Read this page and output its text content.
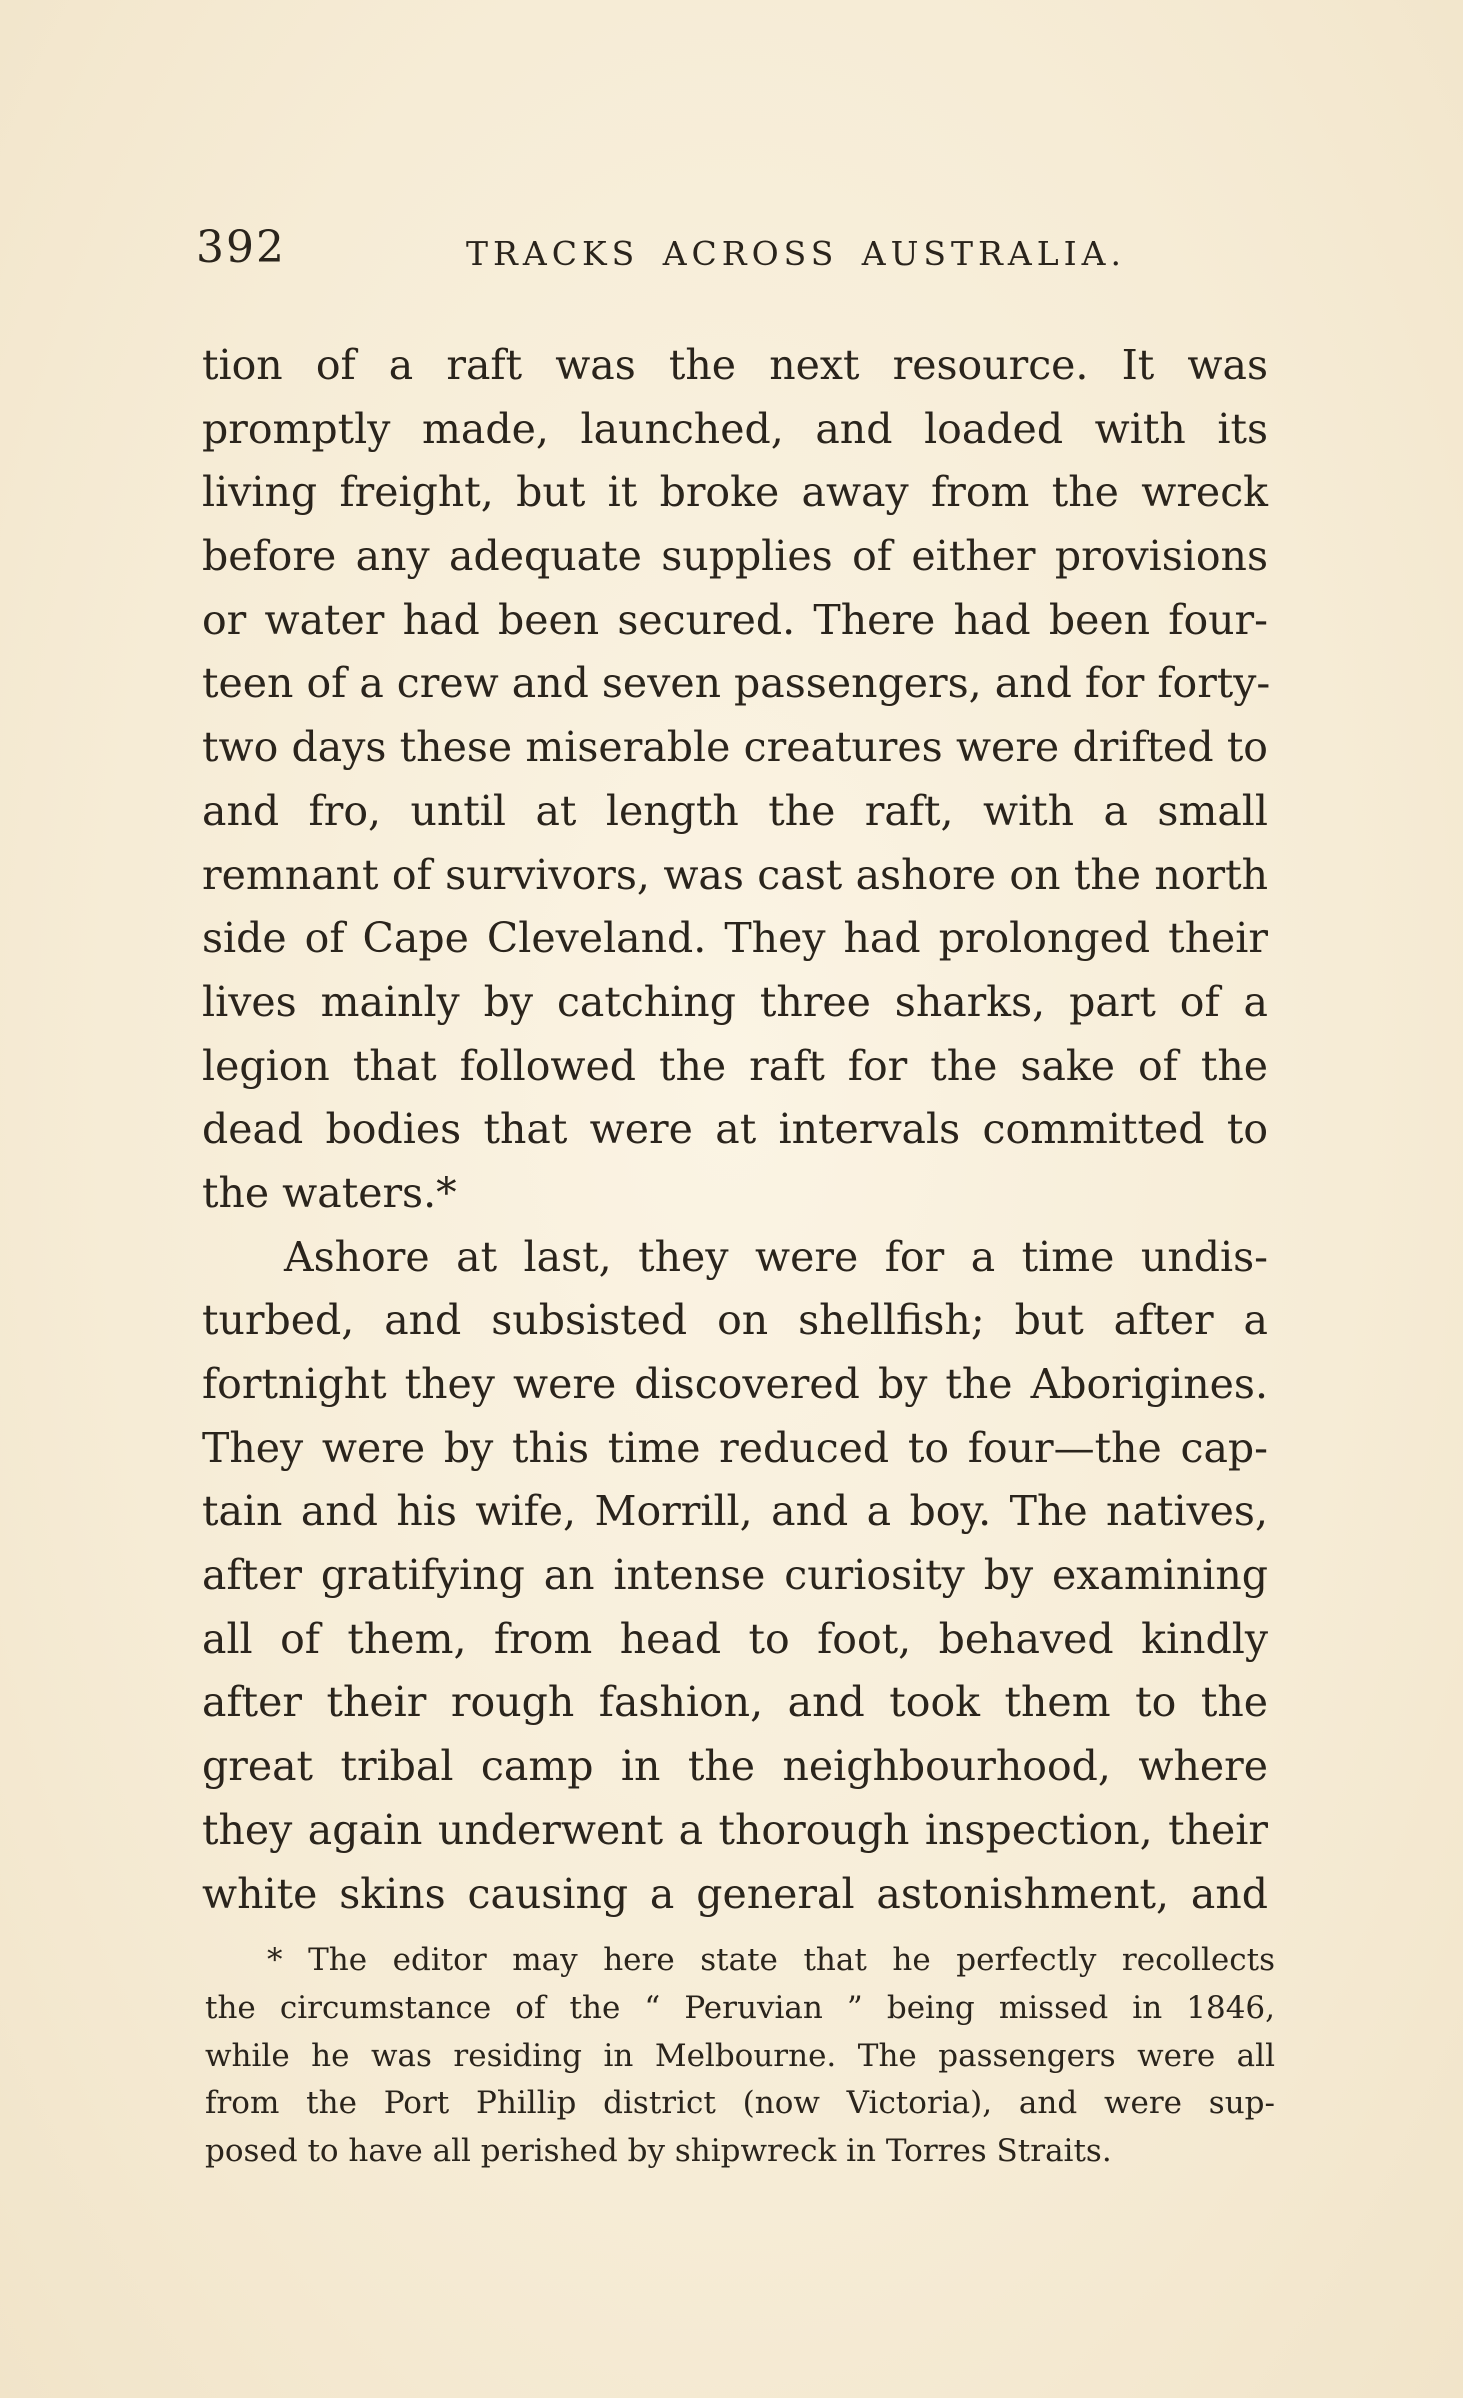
392	TRACKS ACROSS AUSTRALIA.
tion of a raft was the next resource. It was
promptly made, launched, and loaded with its
living freight, but it broke away from the wreck
before any adequate supplies of either provisions
or water had been secured. There had been four-
teen of a crew and seven passengers, and for forty-
two days these miserable creatures were drifted to
and fro, until at length the raft, with a small
remnant of survivors, was cast ashore on the north
side of Cape Cleveland. They had prolonged their
lives mainly by catching three sharks, part of a
legion that followed the raft for the sake of the
dead bodies that were at intervals committed to
the waters.*
Ashore at last, they were for a time undis-
turbed, and subsisted on shellfish; but after a
fortnight they were discovered by the Aborigines.
They were by this time reduced to four—the cap-
tain and his wife, Morrill, and a boy. The natives,
after gratifying an intense curiosity by examining
all of them, from head to foot, behaved kindly
after their rough fashion, and took them to the
great tribal camp in the neighbourhood, where
they again underwent a thorough inspection, their
white skins causing a general astonishment, and
* The editor may here state that he perfectly recollects
the circumstance of the “ Peruvian ” being missed in 1846,
while he was residing in Melbourne. The passengers were all
from the Port Phillip district (now Victoria), and were sup-
posed to have all perished by shipwreck in Torres Straits.
